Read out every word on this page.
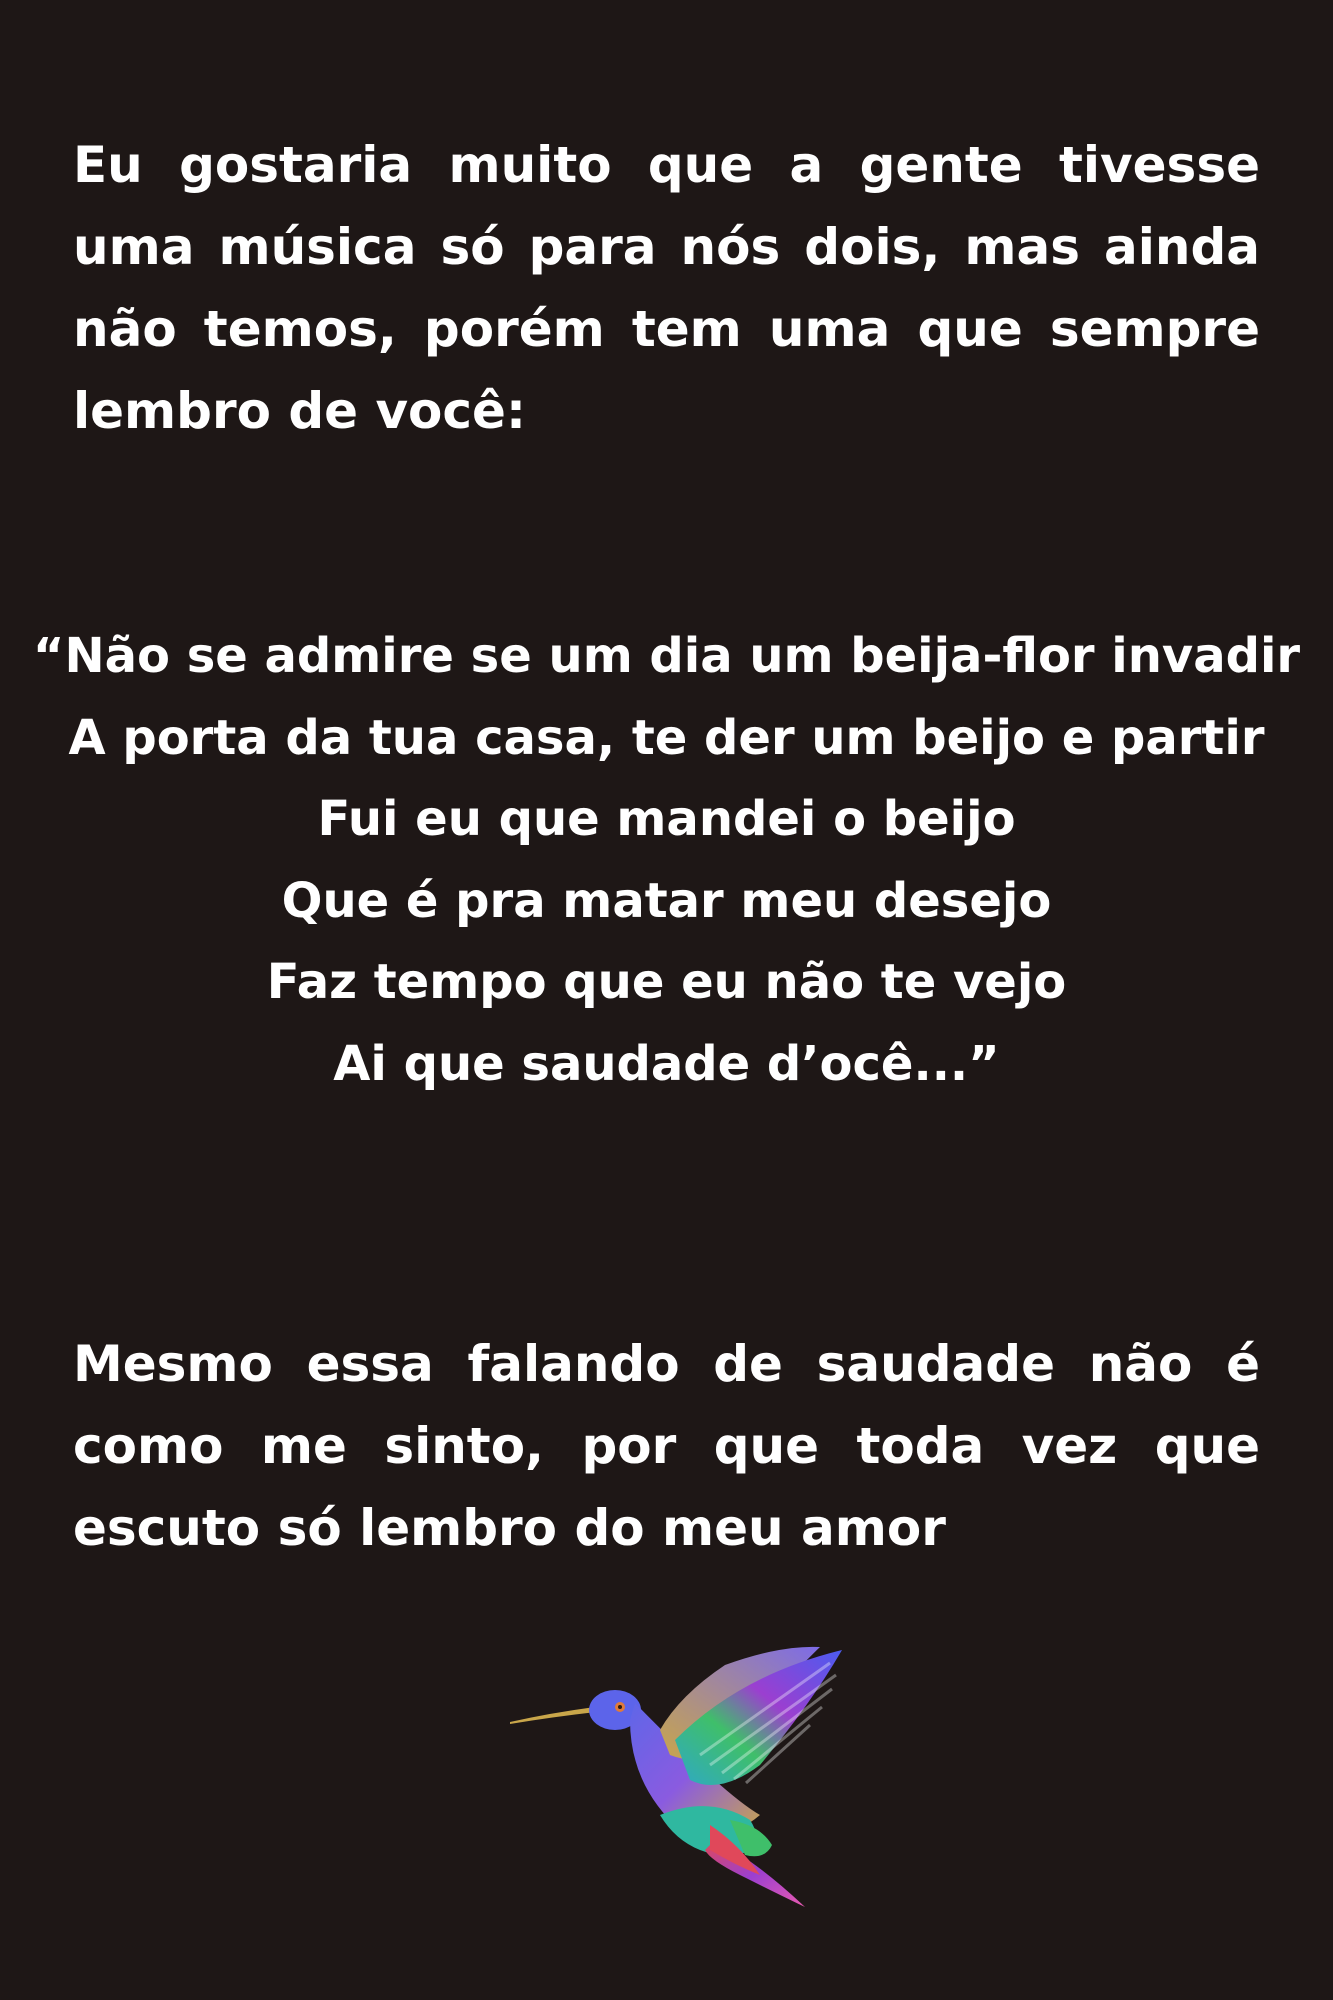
Eu gostaria muito que a gente tivesse uma música só para nós dois, mas ainda não temos, porém tem uma que sempre lembro de você:

“Não se admire se um dia um beija-flor invadir
A porta da tua casa, te der um beijo e partir
Fui eu que mandei o beijo
Que é pra matar meu desejo
Faz tempo que eu não te vejo
Ai que saudade d’ocê...”

Mesmo essa falando de saudade não é como me sinto, por que toda vez que escuto só lembro do meu amor
